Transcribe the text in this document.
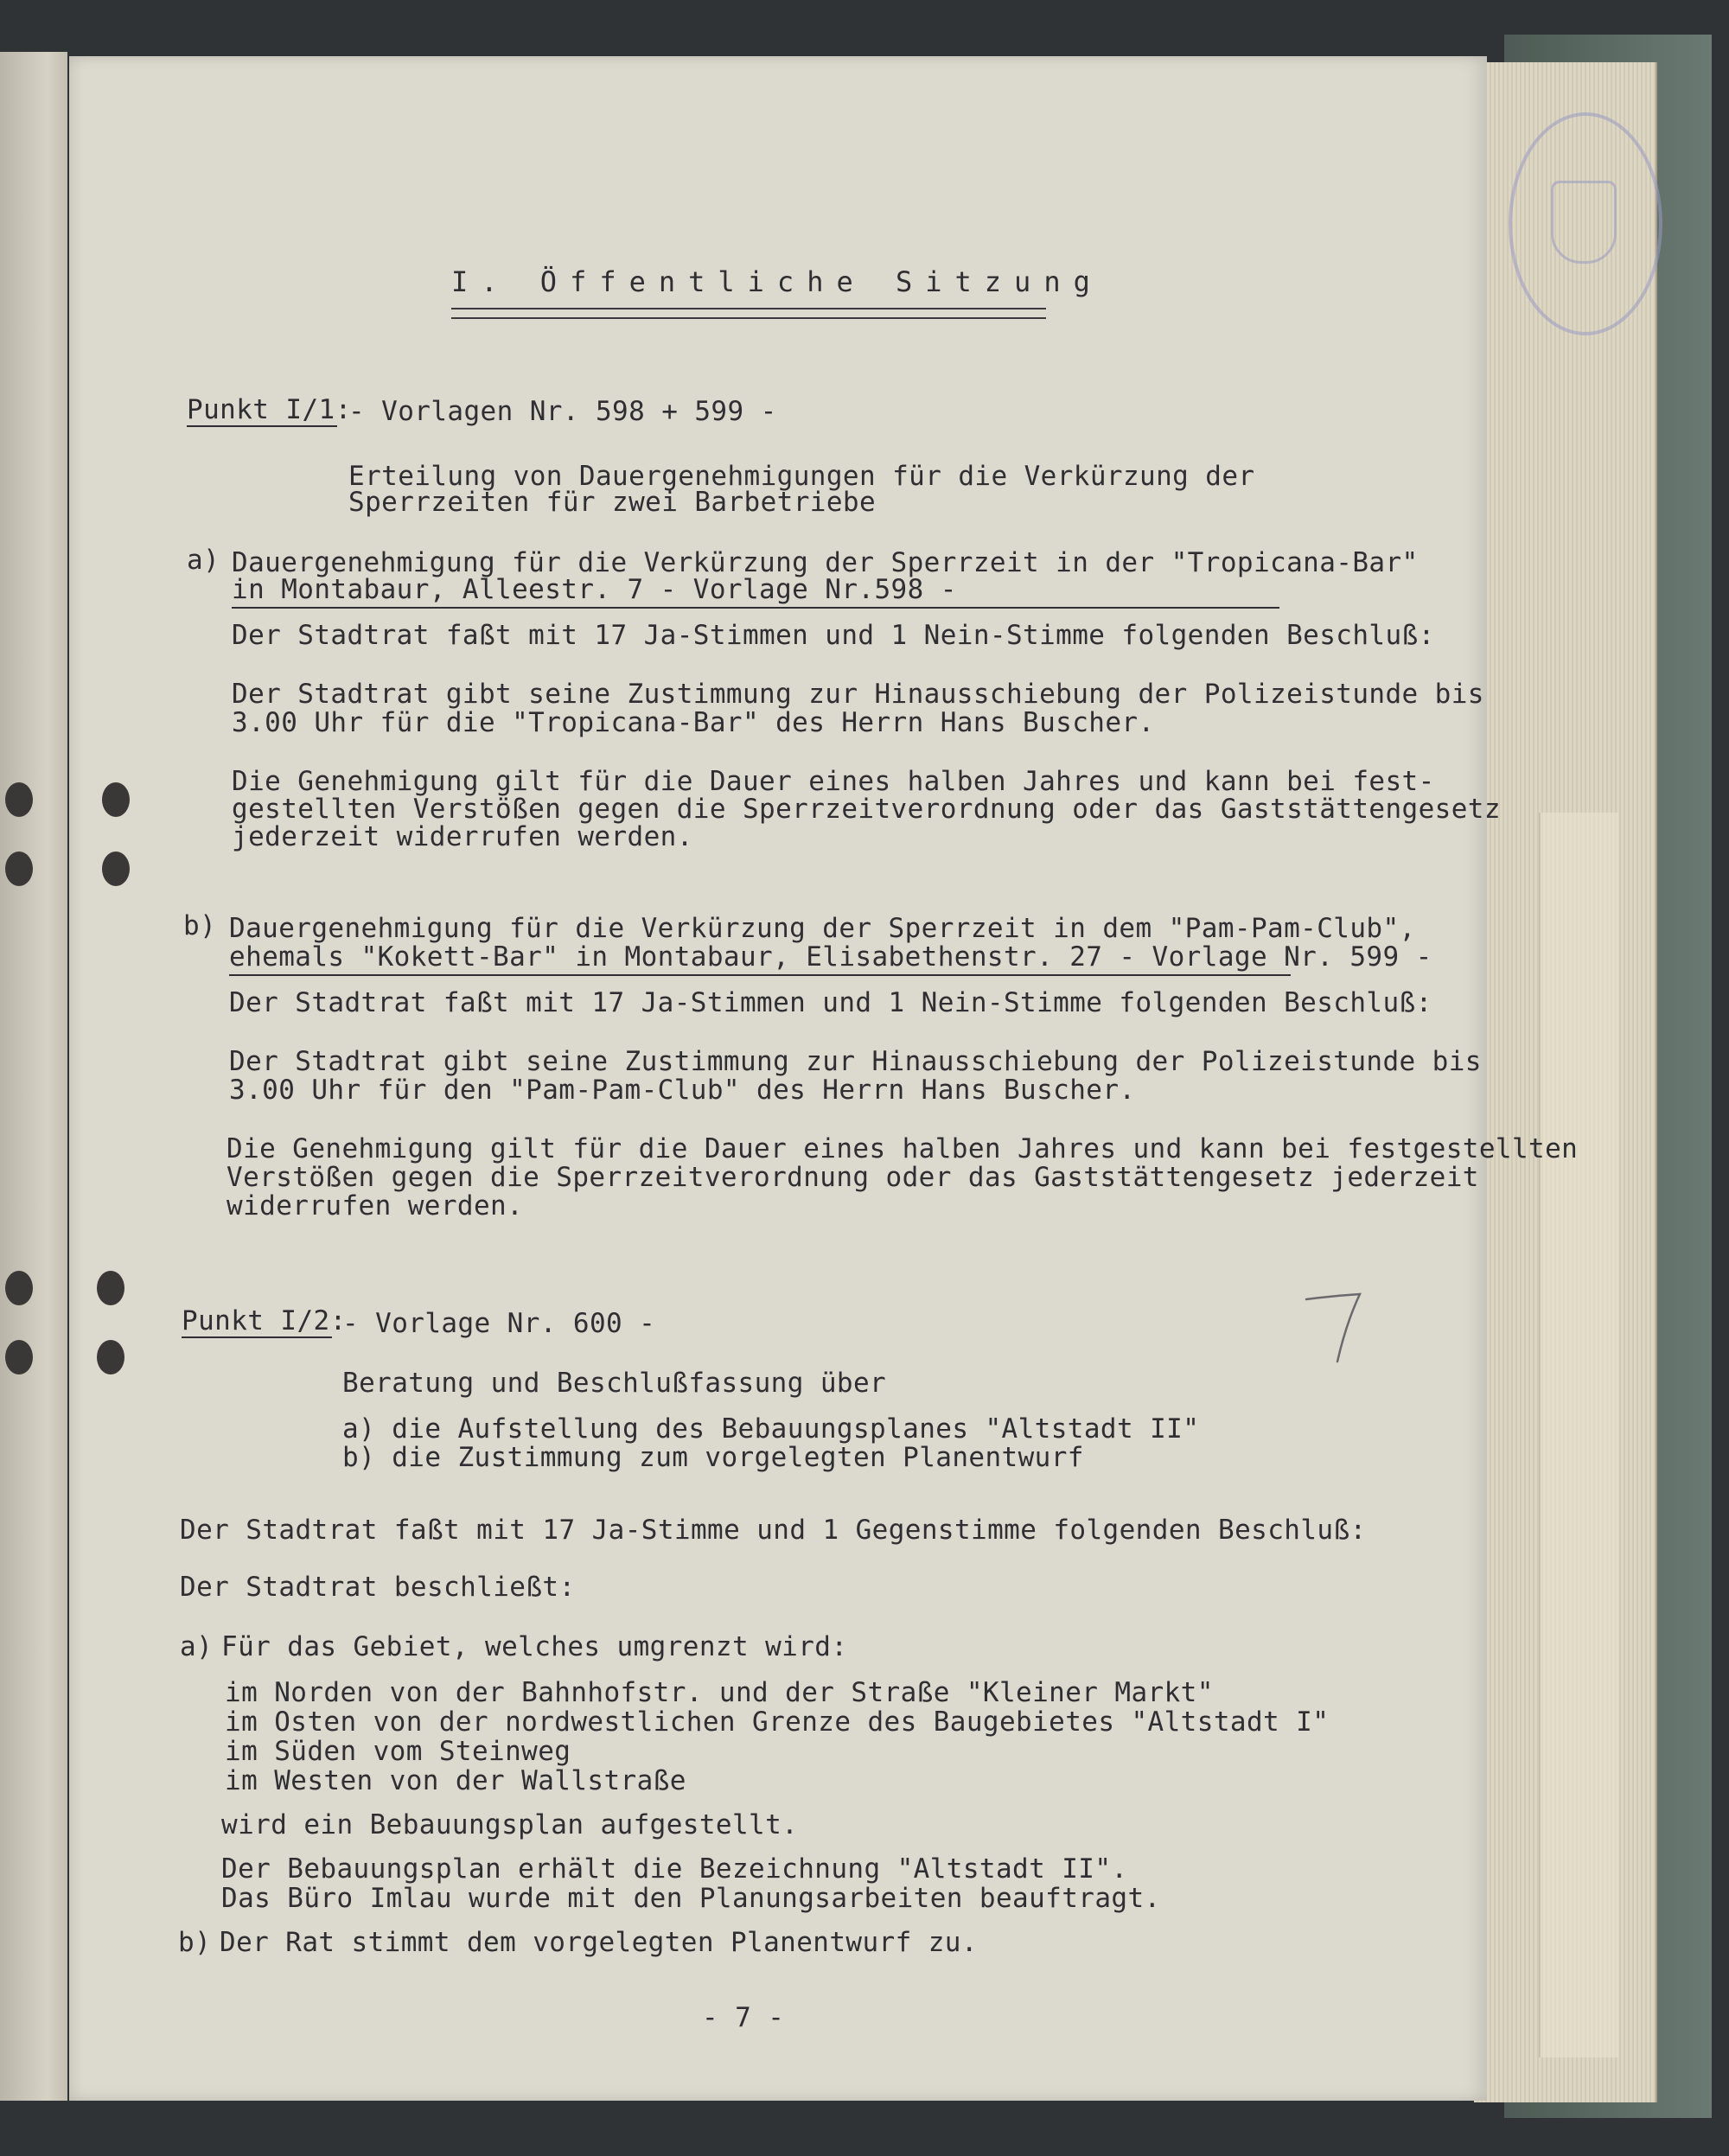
I. Öffentliche Sitzung

Punkt I/1:

- Vorlagen Nr. 598 + 599 -

Erteilung von Dauergenehmigungen für die Verkürzung der

Sperrzeiten für zwei Barbetriebe

a) Dauergenehmigung für die Verkürzung der Sperrzeit in der "Tropicana-Bar"

in Montabaur, Alleestr. 7 - Vorlage Nr.598 -

Der Stadtrat faßt mit 17 Ja-Stimmen und 1 Nein-Stimme folgenden Beschluß:

Der Stadtrat gibt seine Zustimmung zur Hinausschiebung der Polizeistunde bis

3.00 Uhr für die "Tropicana-Bar" des Herrn Hans Buscher.

Die Genehmigung gilt für die Dauer eines halben Jahres und kann bei fest-

gestellten Verstößen gegen die Sperrzeitverordnung oder das Gaststättengesetz

jederzeit widerrufen werden.

b) Dauergenehmigung für die Verkürzung der Sperrzeit in dem "Pam-Pam-Club",

ehemals "Kokett-Bar" in Montabaur, Elisabethenstr. 27 - Vorlage Nr. 599 -

Der Stadtrat faßt mit 17 Ja-Stimmen und 1 Nein-Stimme folgenden Beschluß:

Der Stadtrat gibt seine Zustimmung zur Hinausschiebung der Polizeistunde bis

3.00 Uhr für den "Pam-Pam-Club" des Herrn Hans Buscher.

Die Genehmigung gilt für die Dauer eines halben Jahres und kann bei festgestellten

Verstößen gegen die Sperrzeitverordnung oder das Gaststättengesetz jederzeit

widerrufen werden.

Punkt I/2:

- Vorlage Nr. 600 -

Beratung und Beschlußfassung über

a) die Aufstellung des Bebauungsplanes "Altstadt II"

b) die Zustimmung zum vorgelegten Planentwurf

Der Stadtrat faßt mit 17 Ja-Stimme und 1 Gegenstimme folgenden Beschluß:

Der Stadtrat beschließt:

a) Für das Gebiet, welches umgrenzt wird:

im Norden von der Bahnhofstr. und der Straße "Kleiner Markt"

im Osten von der nordwestlichen Grenze des Baugebietes "Altstadt I"

im Süden vom Steinweg

im Westen von der Wallstraße

wird ein Bebauungsplan aufgestellt.

Der Bebauungsplan erhält die Bezeichnung "Altstadt II".

Das Büro Imlau wurde mit den Planungsarbeiten beauftragt.

b) Der Rat stimmt dem vorgelegten Planentwurf zu.

- 7 -
